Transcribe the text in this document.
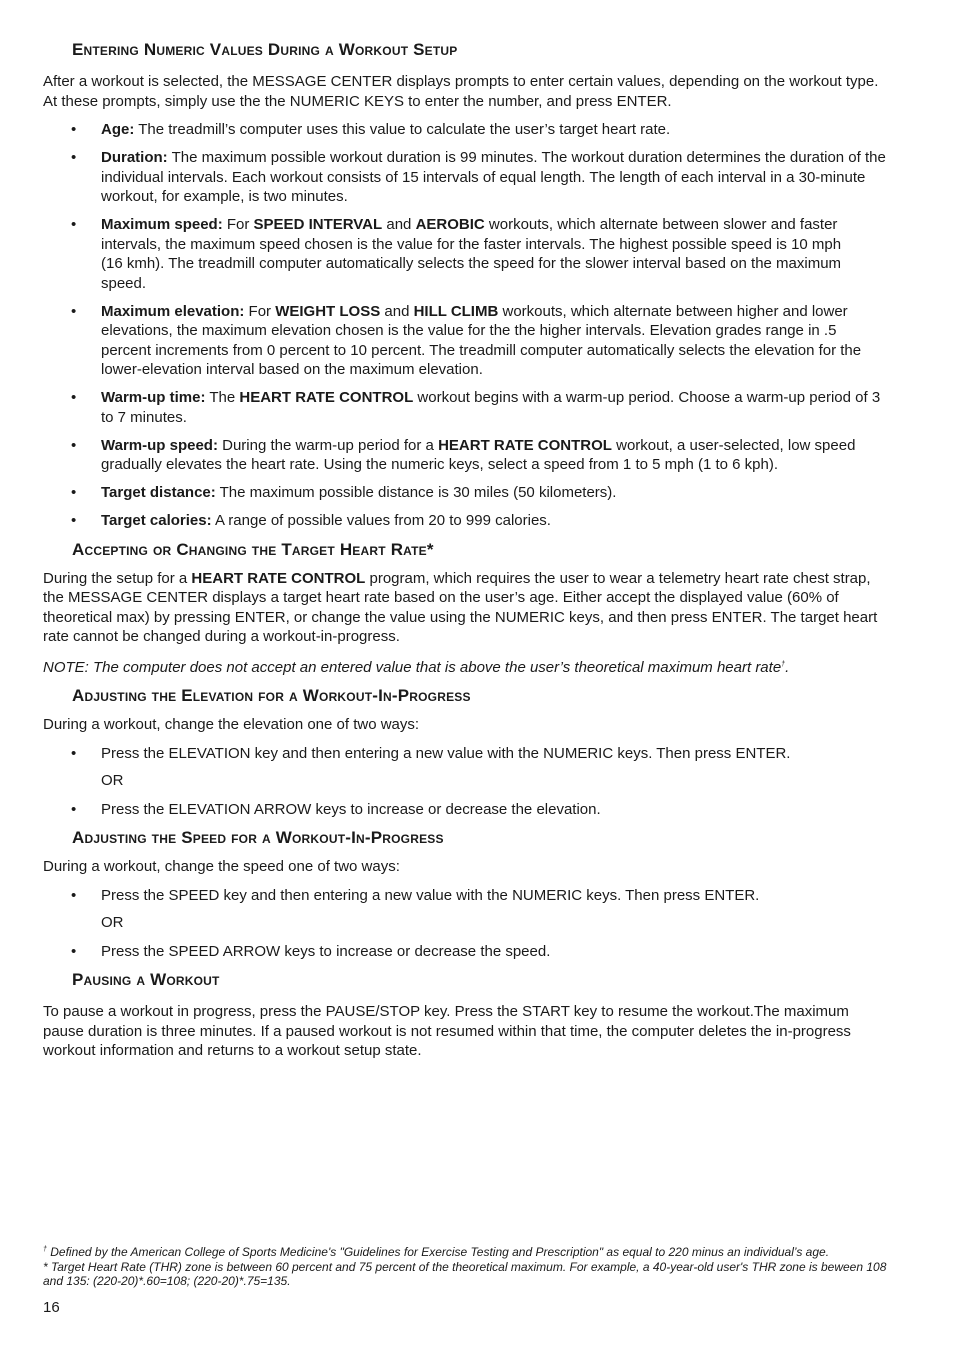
Entering Numeric Values During a Workout Setup

After a workout is selected, the MESSAGE CENTER displays prompts to enter certain values, depending on the workout type. At these prompts, simply use the the NUMERIC KEYS to enter the number, and press ENTER.

• Age: The treadmill’s computer uses this value to calculate the user’s target heart rate.
• Duration: The maximum possible workout duration is 99 minutes. The workout duration determines the duration of the individual intervals. Each workout consists of 15 intervals of equal length. The length of each interval in a 30-minute workout, for example, is two minutes.
• Maximum speed: For SPEED INTERVAL and AEROBIC workouts, which alternate between slower and faster intervals, the maximum speed chosen is the value for the faster intervals. The highest possible speed is 10 mph
(16 kmh). The treadmill computer automatically selects the speed for the slower interval based on the maximum speed.
• Maximum elevation: For WEIGHT LOSS and HILL CLIMB workouts, which alternate between higher and lower elevations, the maximum elevation chosen is the value for the the higher intervals. Elevation grades range in .5 percent increments from 0 percent to 10 percent. The treadmill computer automatically selects the elevation for the lower-elevation interval based on the maximum elevation.
• Warm-up time: The HEART RATE CONTROL workout begins with a warm-up period. Choose a warm-up period of 3 to 7 minutes.
• Warm-up speed: During the warm-up period for a HEART RATE CONTROL workout, a user-selected, low speed gradually elevates the heart rate. Using the numeric keys, select a speed from 1 to 5 mph (1 to 6 kph).
• Target distance: The maximum possible distance is 30 miles (50 kilometers).
• Target calories: A range of possible values from 20 to 999 calories.
Accepting or Changing the Target Heart Rate*

During the setup for a HEART RATE CONTROL program, which requires the user to wear a telemetry heart rate chest strap, the MESSAGE CENTER displays a target heart rate based on the user’s age. Either accept the displayed value (60% of theoretical max) by pressing ENTER, or change the value using the NUMERIC keys, and then press ENTER. The target heart rate cannot be changed during a workout-in-progress.

NOTE: The computer does not accept an entered value that is above the user’s theoretical maximum heart rate†.

Adjusting the Elevation for a Workout-In-Progress

During a workout, change the elevation one of two ways:

• Press the ELEVATION key and then entering a new value with the NUMERIC keys. Then press ENTER.
OR
• Press the ELEVATION ARROW keys to increase or decrease the elevation.
Adjusting the Speed for a Workout-In-Progress

During a workout, change the speed one of two ways:

• Press the SPEED key and then entering a new value with the NUMERIC keys. Then press ENTER.
OR
• Press the SPEED ARROW keys to increase or decrease the speed.
Pausing a Workout

To pause a workout in progress, press the PAUSE/STOP key. Press the START key to resume the workout.The maximum pause duration is three minutes. If a paused workout is not resumed within that time, the computer deletes the in-progress workout information and returns to a workout setup state.

† Defined by the American College of Sports Medicine's "Guidelines for Exercise Testing and Prescription" as equal to 220 minus an individual’s age.
* Target Heart Rate (THR) zone is between 60 percent and 75 percent of the theoretical maximum. For example, a 40-year-old user's THR zone is beween 108 and 135: (220-20)*.60=108; (220-20)*.75=135.
16
